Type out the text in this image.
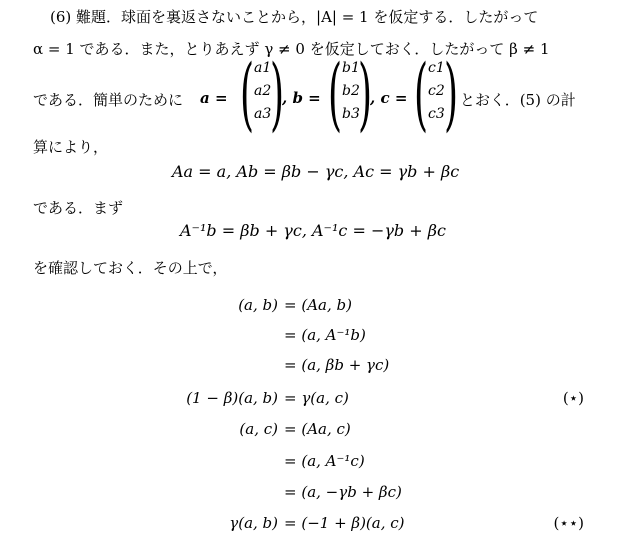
(6) 難題．球面を裏返さないことから，|A| = 1 を仮定する．したがって
α = 1 である．また，とりあえず γ ≠ 0 を仮定しておく．したがって β ≠ 1
である．簡単のために a = ( a1
a2
a3
)
, b = ( b1
b2
b3
)
, c = ( c1
c2
c3 ) とおく．(5) の計
算により，
Aa = a, Ab = βb − γc, Ac = γb + βc
である．まず
A⁻¹b = βb + γc, A⁻¹c = −γb + βc
を確認しておく．その上で，
(a, b) = (Aa, b)
= (a, A⁻¹b)
= (a, βb + γc)
(1 − β)(a, b) = γ(a, c)	(⋆)
(a, c) = (Aa, c)
= (a, A⁻¹c)
= (a, −γb + βc)
γ(a, b) = (−1 + β)(a, c)	(⋆⋆)
